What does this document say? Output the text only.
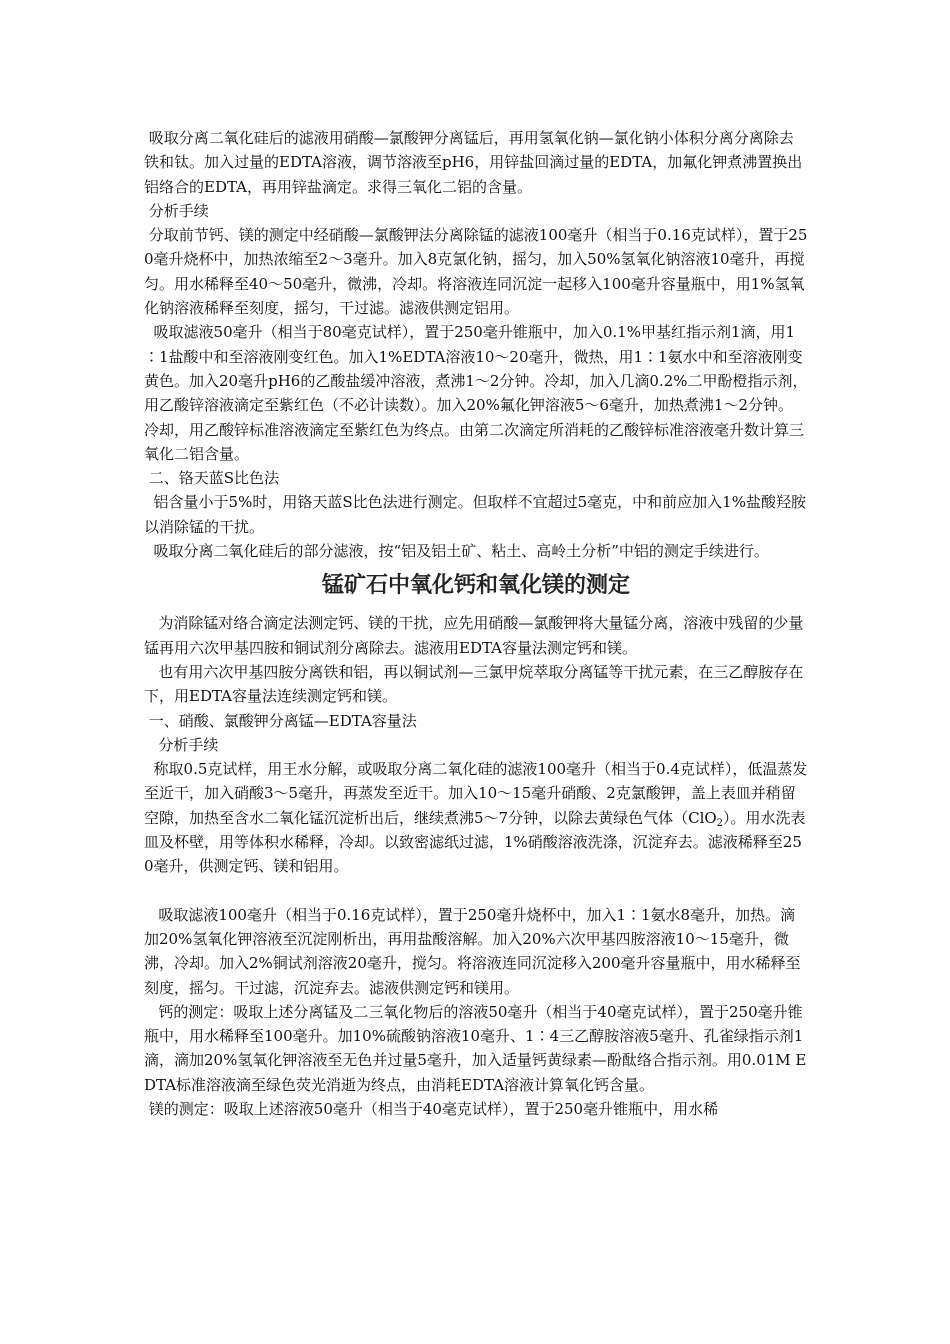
吸取分离二氧化硅后的滤液用硝酸—氯酸钾分离锰后，再用氢氧化钠—氯化钠小体积分离分离除去铁和钛。加入过量的EDTA溶液，调节溶液至pH6，用锌盐回滴过量的EDTA，加氟化钾煮沸置换出铝络合的EDTA，再用锌盐滴定。求得三氧化二铝的含量。

分析手续

分取前节钙、镁的测定中经硝酸—氯酸钾法分离除锰的滤液100毫升（相当于0.16克试样），置于250毫升烧杯中，加热浓缩至2～3毫升。加入8克氯化钠，摇匀，加入50%氢氧化钠溶液10毫升，再搅匀。用水稀释至40～50毫升，微沸，冷却。将溶液连同沉淀一起移入100毫升容量瓶中，用1%氢氧化钠溶液稀释至刻度，摇匀，干过滤。滤液供测定铝用。

吸取滤液50毫升（相当于80毫克试样），置于250毫升锥瓶中，加入0.1%甲基红指示剂1滴，用1∶1盐酸中和至溶液刚变红色。加入1%EDTA溶液10～20毫升，微热，用1∶1氨水中和至溶液刚变黄色。加入20毫升pH6的乙酸盐缓冲溶液，煮沸1～2分钟。冷却，加入几滴0.2%二甲酚橙指示剂，用乙酸锌溶液滴定至紫红色（不必计读数）。加入20%氟化钾溶液5～6毫升，加热煮沸1～2分钟。冷却，用乙酸锌标准溶液滴定至紫红色为终点。由第二次滴定所消耗的乙酸锌标准溶液毫升数计算三氧化二铝含量。

二、铬天蓝S比色法

铝含量小于5%时，用铬天蓝S比色法进行测定。但取样不宜超过5毫克，中和前应加入1%盐酸羟胺以消除锰的干扰。

吸取分离二氧化硅后的部分滤液，按“铝及铝土矿、粘土、高岭土分析”中铝的测定手续进行。

锰矿石中氧化钙和氧化镁的测定

为消除锰对络合滴定法测定钙、镁的干扰，应先用硝酸—氯酸钾将大量锰分离，溶液中残留的少量锰再用六次甲基四胺和铜试剂分离除去。滤液用EDTA容量法测定钙和镁。

也有用六次甲基四胺分离铁和铝，再以铜试剂—三氯甲烷萃取分离锰等干扰元素，在三乙醇胺存在下，用EDTA容量法连续测定钙和镁。

一、硝酸、氯酸钾分离锰—EDTA容量法

分析手续

称取0.5克试样，用王水分解，或吸取分离二氧化硅的滤液100毫升（相当于0.4克试样），低温蒸发至近干，加入硝酸3～5毫升，再蒸发至近干。加入10～15毫升硝酸、2克氯酸钾，盖上表皿并稍留空隙，加热至含水二氧化锰沉淀析出后，继续煮沸5～7分钟，以除去黄绿色气体（ClO$_2$）。用水洗表皿及杯壁，用等体积水稀释，冷却。以致密滤纸过滤，1%硝酸溶液洗涤，沉淀弃去。滤液稀释至250毫升，供测定钙、镁和铝用。

吸取滤液100毫升（相当于0.16克试样），置于250毫升烧杯中，加入1∶1氨水8毫升，加热。滴加20%氢氧化钾溶液至沉淀刚析出，再用盐酸溶解。加入20%六次甲基四胺溶液10～15毫升，微沸，冷却。加入2%铜试剂溶液20毫升，搅匀。将溶液连同沉淀移入200毫升容量瓶中，用水稀释至刻度，摇匀。干过滤，沉淀弃去。滤液供测定钙和镁用。

钙的测定：吸取上述分离锰及二三氧化物后的溶液50毫升（相当于40毫克试样），置于250毫升锥瓶中，用水稀释至100毫升。加10%硫酸钠溶液10毫升、1∶4三乙醇胺溶液5毫升、孔雀绿指示剂1滴，滴加20%氢氧化钾溶液至无色并过量5毫升，加入适量钙黄绿素—酚酞络合指示剂。用0.01M EDTA标准溶液滴至绿色荧光消逝为终点，由消耗EDTA溶液计算氧化钙含量。

镁的测定：吸取上述溶液50毫升（相当于40毫克试样），置于250毫升锥瓶中，用水稀
